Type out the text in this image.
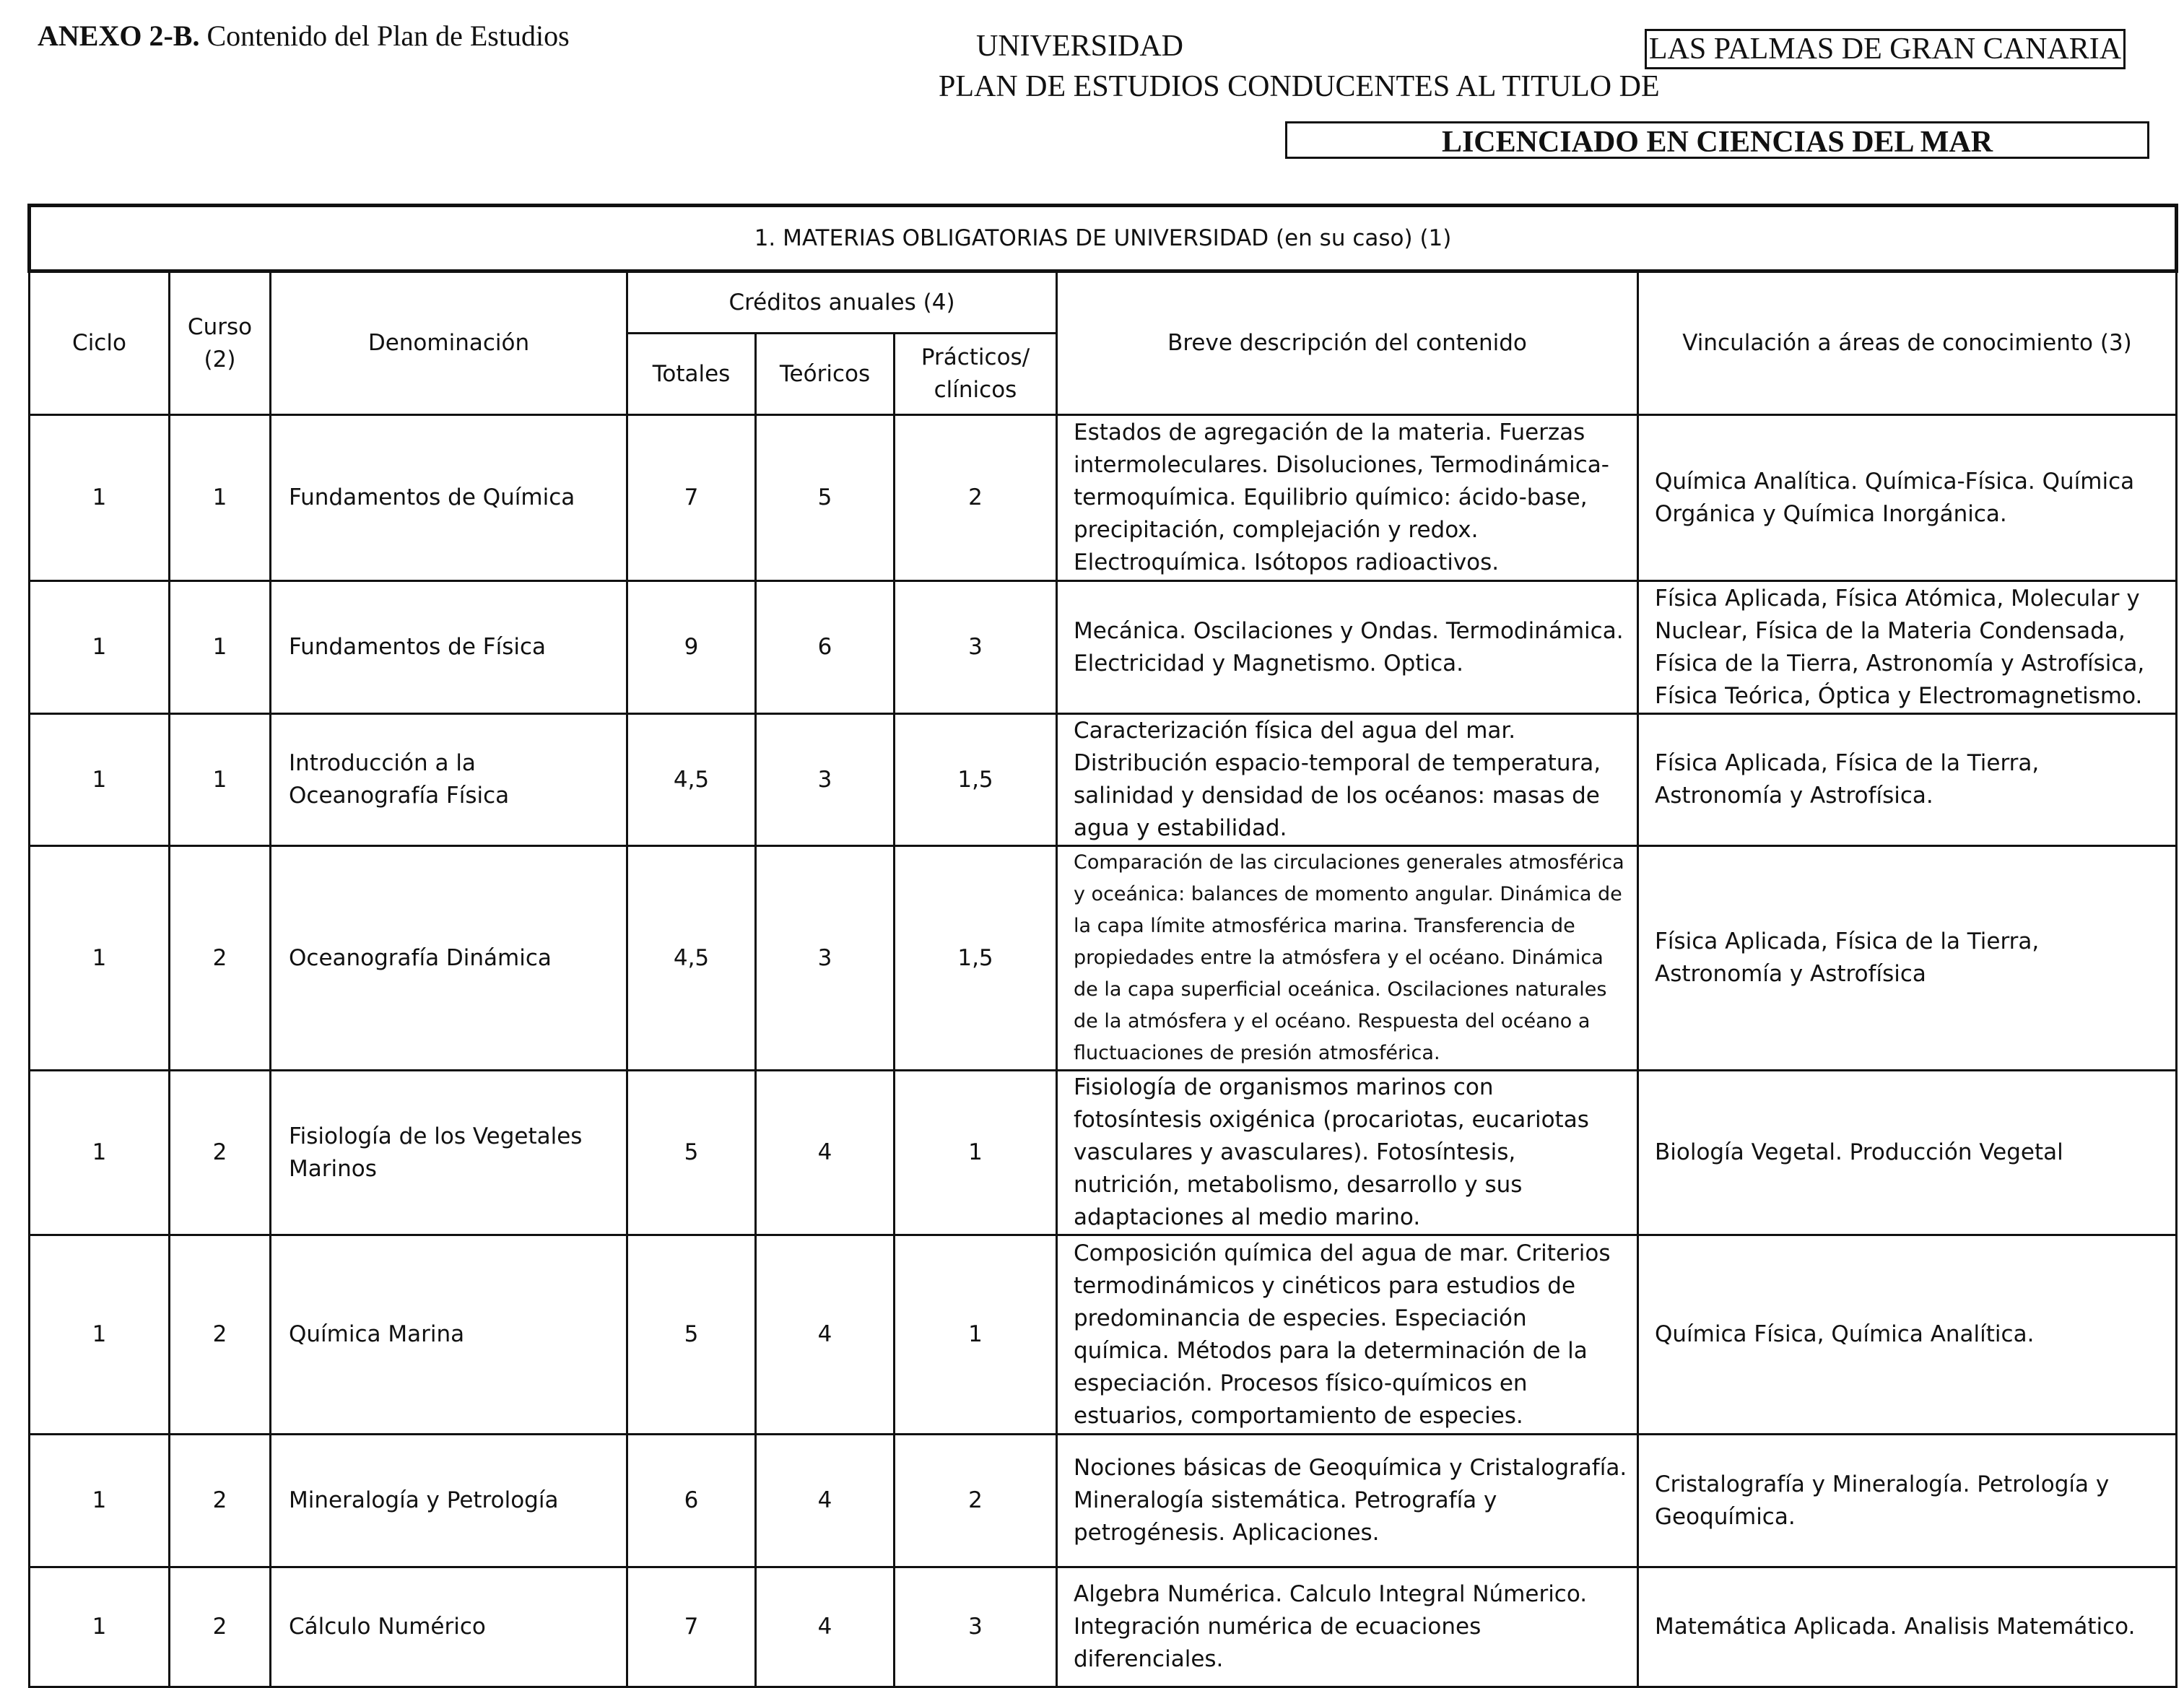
ANEXO 2-B. Contenido del Plan de Estudios	UNIVERSIDAD	LAS PALMAS DE GRAN CANARIA
PLAN DE ESTUDIOS CONDUCENTES AL TITULO DE
LICENCIADO EN CIENCIAS DEL MAR
1. MATERIAS OBLIGATORIAS DE UNIVERSIDAD (en su caso) (1)							
Ciclo	Curso (2)	Denominación	Créditos anuales (4)			Breve descripción del contenido	Vinculación a áreas de conocimiento (3)
			Totales	Teóricos	Prácticos/ clínicos		
1	1	Fundamentos de Química	7	5	2	Estados de agregación de la materia. Fuerzas intermoleculares. Disoluciones, Termodinámica-termoquímica. Equilibrio químico: ácido-base, precipitación, complejación y redox. Electroquímica. Isótopos radioactivos.	Química Analítica. Química-Física. Química Orgánica y Química Inorgánica.
1	1	Fundamentos de Física	9	6	3	Mecánica. Oscilaciones y Ondas. Termodinámica. Electricidad y Magnetismo. Optica.	Física Aplicada, Física Atómica, Molecular y Nuclear, Física de la Materia Condensada, Física de la Tierra, Astronomía y Astrofísica, Física Teórica, Óptica y Electromagnetismo.
1	1	Introducción a la Oceanografía Física	4,5	3	1,5	Caracterización física del agua del mar. Distribución espacio-temporal de temperatura, salinidad y densidad de los océanos: masas de agua y estabilidad.	Física Aplicada, Física de la Tierra, Astronomía y Astrofísica.
1	2	Oceanografía Dinámica	4,5	3	1,5	Comparación de las circulaciones generales atmosférica y oceánica: balances de momento angular. Dinámica de la capa límite atmosférica marina. Transferencia de propiedades entre la atmósfera y el océano. Dinámica de la capa superficial oceánica. Oscilaciones naturales de la atmósfera y el océano. Respuesta del océano a fluctuaciones de presión atmosférica.	Física Aplicada, Física de la Tierra, Astronomía y Astrofísica
1	2	Fisiología de los Vegetales Marinos	5	4	1	Fisiología de organismos marinos con fotosíntesis oxigénica (procariotas, eucariotas vasculares y avasculares). Fotosíntesis, nutrición, metabolismo, desarrollo y sus adaptaciones al medio marino.	Biología Vegetal. Producción Vegetal
1	2	Química Marina	5	4	1	Composición química del agua de mar. Criterios termodinámicos y cinéticos para estudios de predominancia de especies. Especiación química. Métodos para la determinación de la especiación. Procesos físico-químicos en estuarios, comportamiento de especies.	Química Física, Química Analítica.
1	2	Mineralogía y Petrología	6	4	2	Nociones básicas de Geoquímica y Cristalografía. Mineralogía sistemática. Petrografía y petrogénesis. Aplicaciones.	Cristalografía y Mineralogía. Petrología y Geoquímica.
1	2	Cálculo Numérico	7	4	3	Algebra Numérica. Calculo Integral Númerico. Integración numérica de ecuaciones diferenciales.	Matemática Aplicada. Analisis Matemático.
